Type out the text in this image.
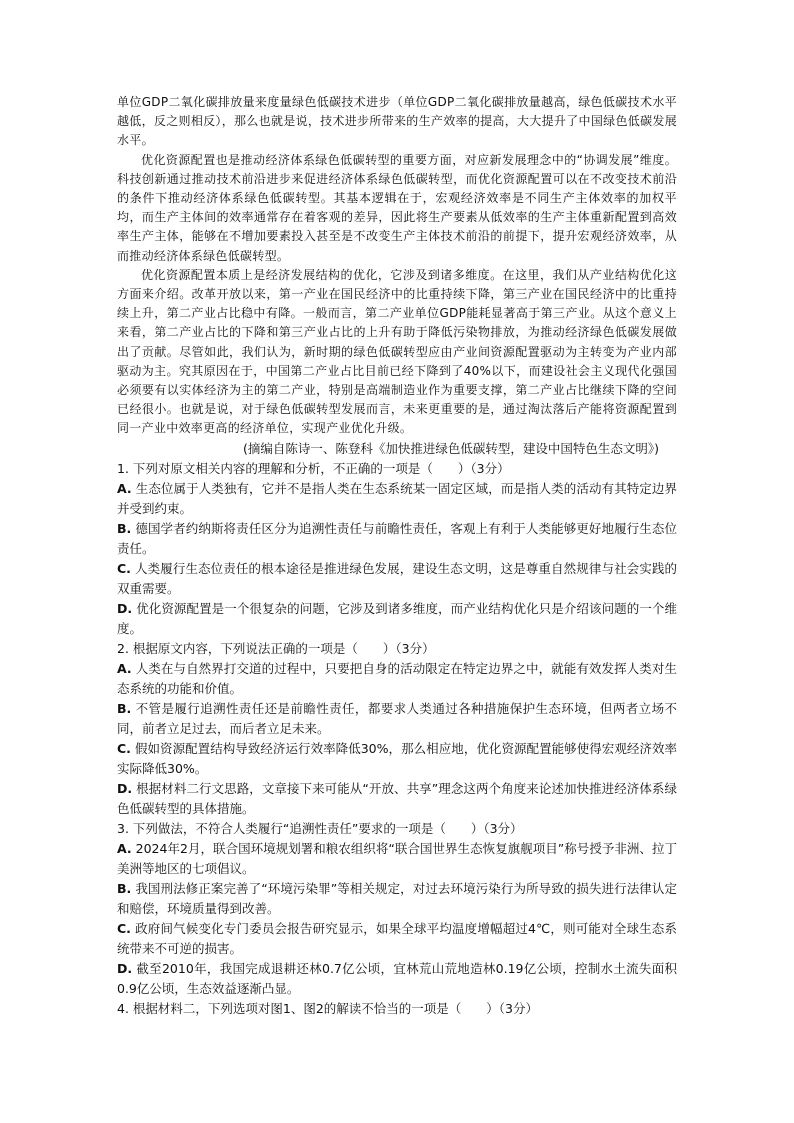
单位GDP二氧化碳排放量来度量绿色低碳技术进步（单位GDP二氧化碳排放量越高，绿色低碳技术水平越低，反之则相反），那么也就是说，技术进步所带来的生产效率的提高，大大提升了中国绿色低碳发展水平。

优化资源配置也是推动经济体系绿色低碳转型的重要方面，对应新发展理念中的“协调发展”维度。科技创新通过推动技术前沿进步来促进经济体系绿色低碳转型，而优化资源配置可以在不改变技术前沿的条件下推动经济体系绿色低碳转型。其基本逻辑在于，宏观经济效率是不同生产主体效率的加权平均，而生产主体间的效率通常存在着客观的差异，因此将生产要素从低效率的生产主体重新配置到高效率生产主体，能够在不增加要素投入甚至是不改变生产主体技术前沿的前提下，提升宏观经济效率，从而推动经济体系绿色低碳转型。

优化资源配置本质上是经济发展结构的优化，它涉及到诸多维度。在这里，我们从产业结构优化这方面来介绍。改革开放以来，第一产业在国民经济中的比重持续下降，第三产业在国民经济中的比重持续上升，第二产业占比稳中有降。一般而言，第二产业单位GDP能耗显著高于第三产业。从这个意义上来看，第二产业占比的下降和第三产业占比的上升有助于降低污染物排放，为推动经济绿色低碳发展做出了贡献。尽管如此，我们认为，新时期的绿色低碳转型应由产业间资源配置驱动为主转变为产业内部驱动为主。究其原因在于，中国第二产业占比目前已经下降到了40%以下，而建设社会主义现代化强国必须要有以实体经济为主的第二产业，特别是高端制造业作为重要支撑，第二产业占比继续下降的空间已经很小。也就是说，对于绿色低碳转型发展而言，未来更重要的是，通过淘汰落后产能将资源配置到同一产业中效率更高的经济单位，实现产业优化升级。

(摘编自陈诗一、陈登科《加快推进绿色低碳转型，建设中国特色生态文明》)

1. 下列对原文相关内容的理解和分析，不正确的一项是（　　）（3分）

A. 生态位属于人类独有，它并不是指人类在生态系统某一固定区域，而是指人类的活动有其特定边界并受到约束。

B. 德国学者约纳斯将责任区分为追溯性责任与前瞻性责任，客观上有利于人类能够更好地履行生态位责任。

C. 人类履行生态位责任的根本途径是推进绿色发展，建设生态文明，这是尊重自然规律与社会实践的双重需要。

D. 优化资源配置是一个很复杂的问题，它涉及到诸多维度，而产业结构优化只是介绍该问题的一个维度。

2. 根据原文内容，下列说法正确的一项是（　　）（3分）

A. 人类在与自然界打交道的过程中，只要把自身的活动限定在特定边界之中，就能有效发挥人类对生态系统的功能和价值。

B. 不管是履行追溯性责任还是前瞻性责任，都要求人类通过各种措施保护生态环境，但两者立场不同，前者立足过去，而后者立足未来。

C. 假如资源配置结构导致经济运行效率降低30%，那么相应地，优化资源配置能够使得宏观经济效率实际降低30%。

D. 根据材料二行文思路，文章接下来可能从“开放、共享”理念这两个角度来论述加快推进经济体系绿色低碳转型的具体措施。

3. 下列做法，不符合人类履行“追溯性责任”要求的一项是（　　）（3分）

A. 2024年2月，联合国环境规划署和粮农组织将“联合国世界生态恢复旗舰项目”称号授予非洲、拉丁美洲等地区的七项倡议。

B. 我国刑法修正案完善了“环境污染罪”等相关规定，对过去环境污染行为所导致的损失进行法律认定和赔偿，环境质量得到改善。

C. 政府间气候变化专门委员会报告研究显示，如果全球平均温度增幅超过4℃，则可能对全球生态系统带来不可逆的损害。

D. 截至2010年，我国完成退耕还林0.7亿公顷，宜林荒山荒地造林0.19亿公顷，控制水土流失面积0.9亿公顷，生态效益逐渐凸显。

4. 根据材料二，下列选项对图1、图2的解读不恰当的一项是（　　）（3分）
